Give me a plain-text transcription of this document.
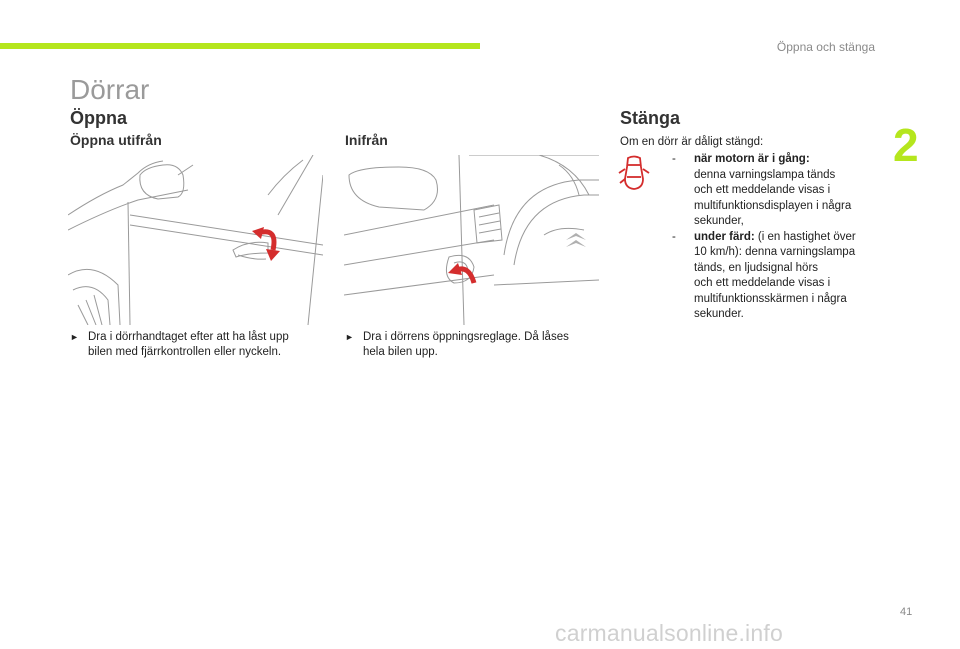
Öppna och stänga
2
Dörrar
Öppna
Öppna utifrån	Inifrån
Stänga
► Dra i dörrhandtaget efter att ha låst upp
bilen med fjärrkontrollen eller nyckeln.
► Dra i dörrens öppningsreglage. Då låses
hela bilen upp.
Om en dörr är dåligt stängd:
- när motorn är i gång:
denna varningslampa tänds
och ett meddelande visas i
multifunktionsdisplayen i några
sekunder,
- under färd: (i en hastighet över
10 km/h): denna varningslampa
tänds, en ljudsignal hörs
och ett meddelande visas i
multifunktionsskärmen i några
sekunder.
41
carmanualsonline.info
